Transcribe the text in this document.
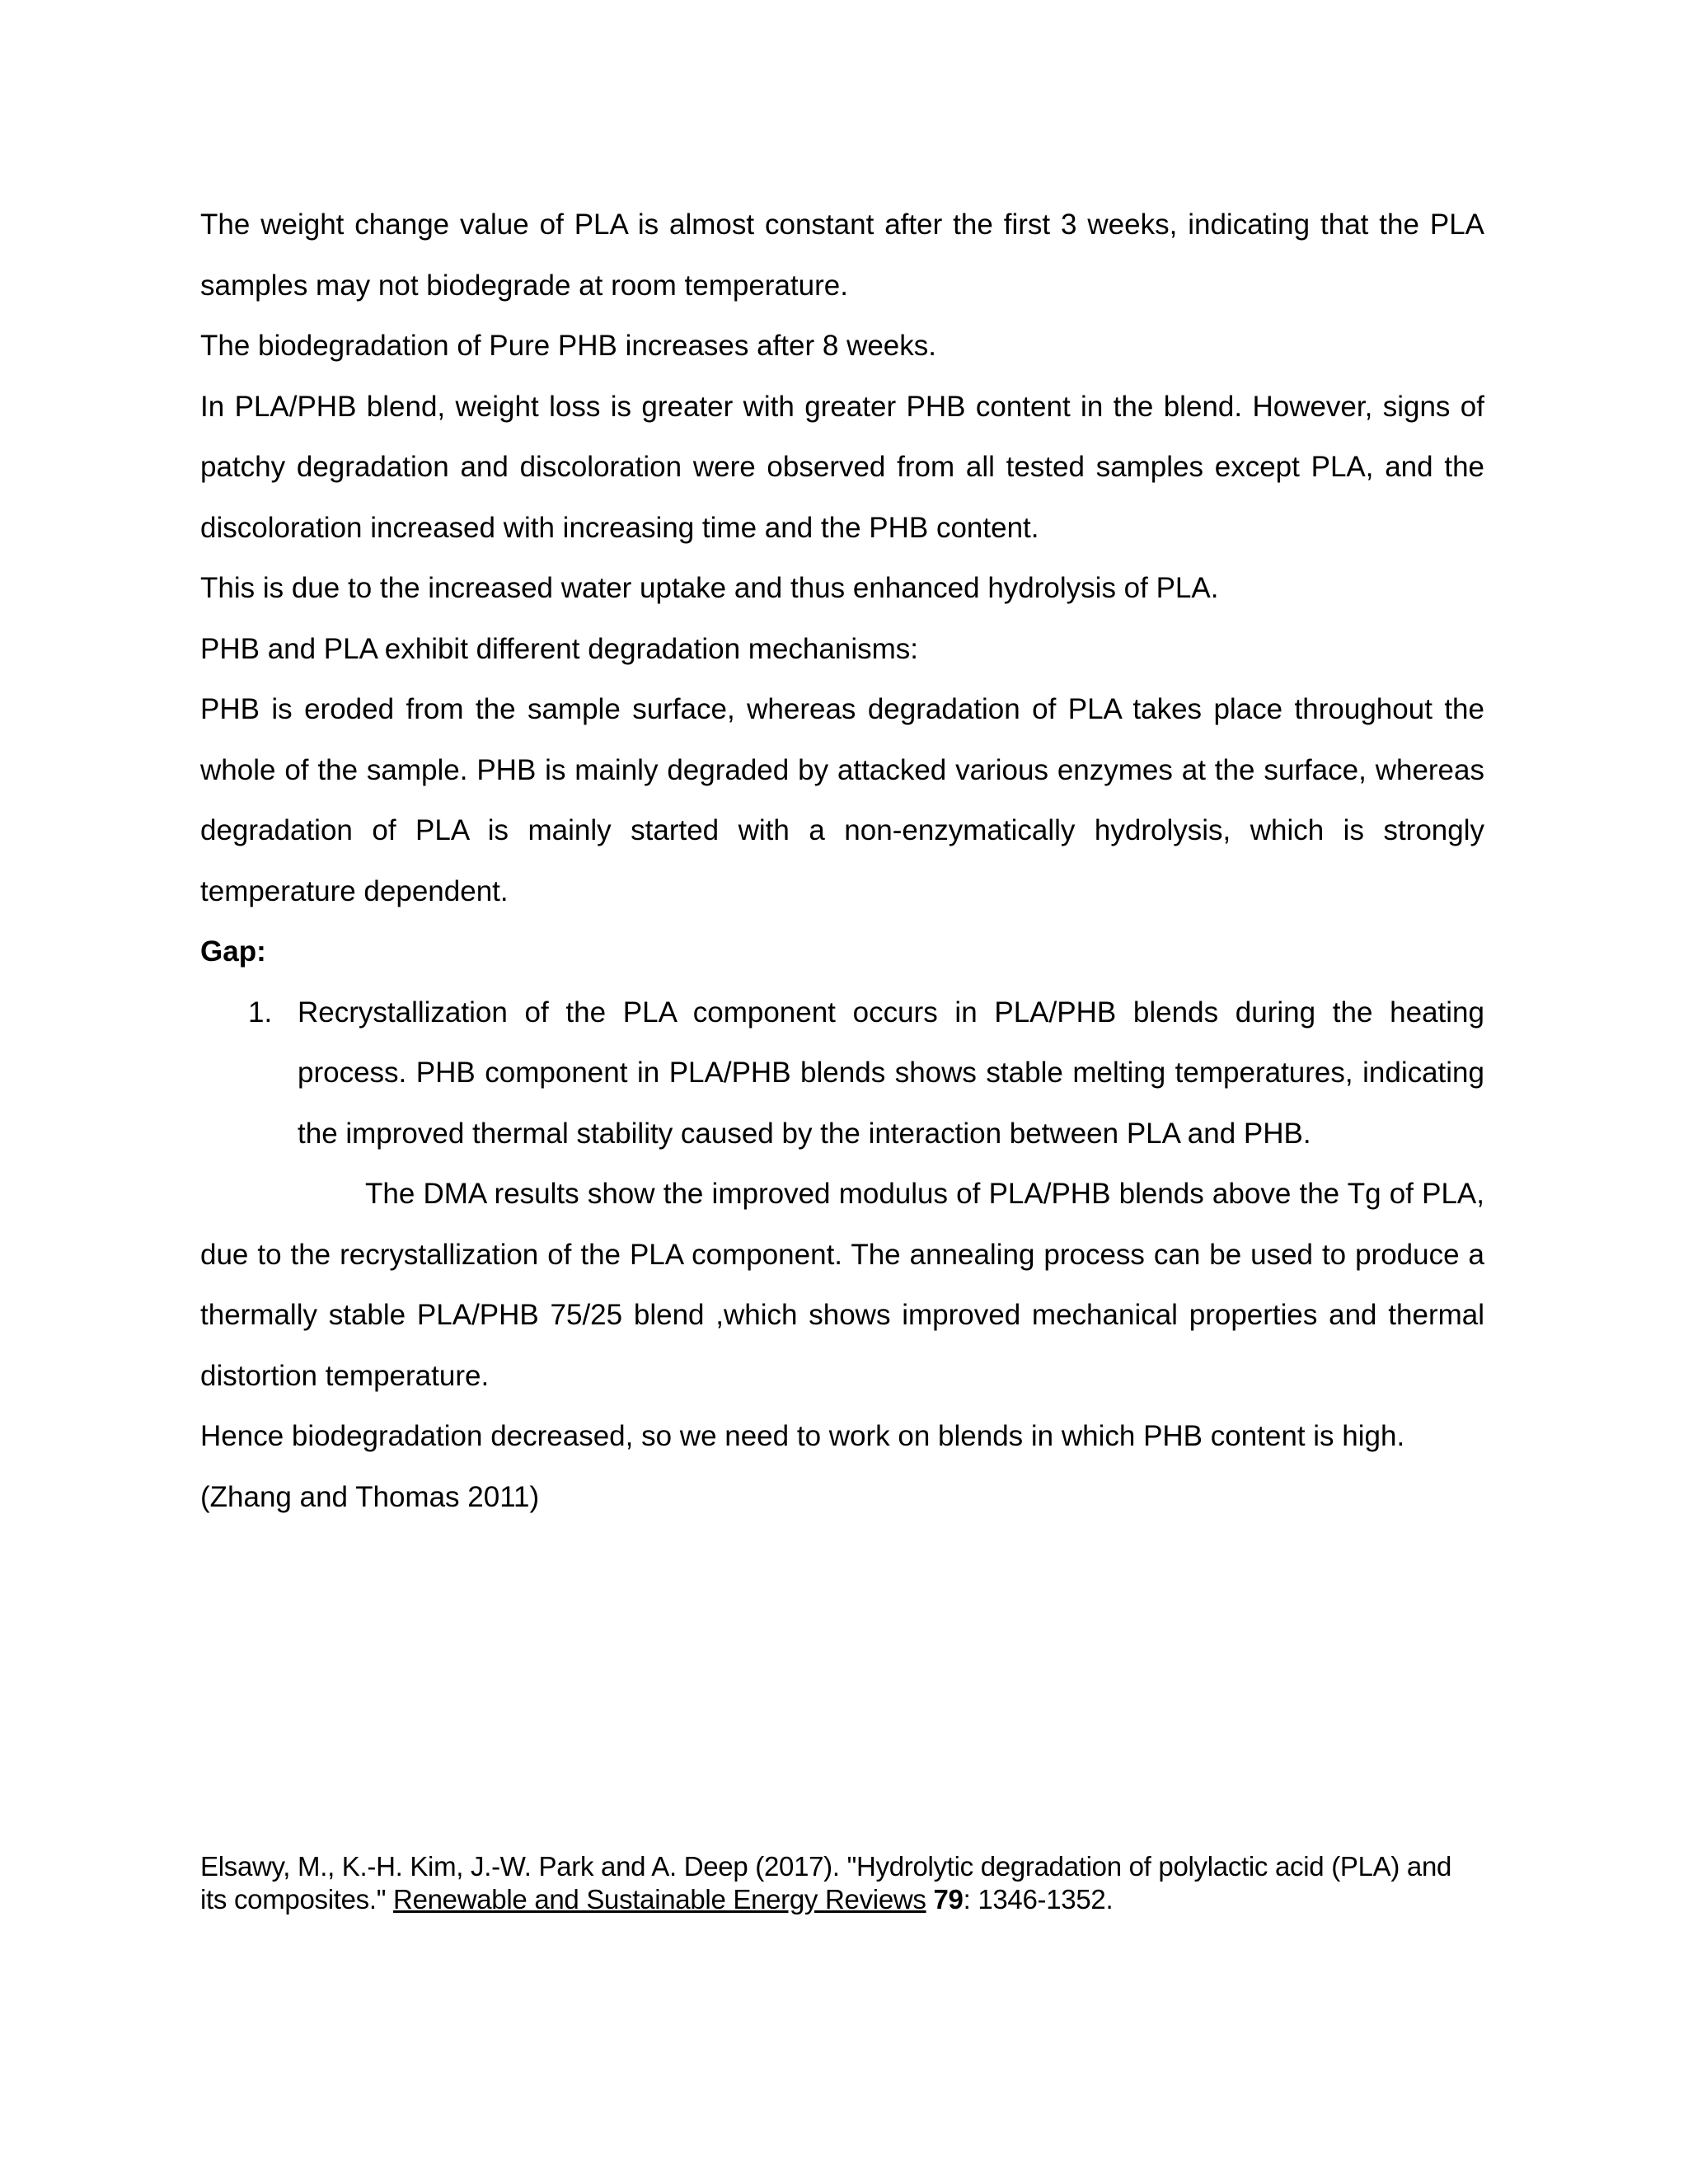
The weight change value of PLA is almost constant after the first 3 weeks, indicating that the PLA samples may not biodegrade at room temperature.

The biodegradation of Pure PHB increases after 8 weeks.

In PLA/PHB blend, weight loss is greater with greater PHB content in the blend. However, signs of patchy degradation and discoloration were observed from all tested samples except PLA, and the discoloration increased with increasing time and the PHB content.

This is due to the increased water uptake and thus enhanced hydrolysis of PLA.

PHB and PLA exhibit different degradation mechanisms:

PHB is eroded from the sample surface, whereas degradation of PLA takes place throughout the whole of the sample. PHB is mainly degraded by attacked various enzymes at the surface, whereas degradation of PLA is mainly started with a non-enzymatically hydrolysis, which is strongly temperature dependent.

Gap:

1. Recrystallization of the PLA component occurs in PLA/PHB blends during the heating process. PHB component in PLA/PHB blends shows stable melting temperatures, indicating the improved thermal stability caused by the interaction between PLA and PHB.

The DMA results show the improved modulus of PLA/PHB blends above the Tg of PLA, due to the recrystallization of the PLA component. The annealing process can be used to produce a thermally stable PLA/PHB 75/25 blend ,which shows improved mechanical properties and thermal distortion temperature.

Hence biodegradation decreased, so we need to work on blends in which PHB content is high.

(Zhang and Thomas 2011)

Elsawy, M., K.-H. Kim, J.-W. Park and A. Deep (2017). "Hydrolytic degradation of polylactic acid (PLA) and its composites." Renewable and Sustainable Energy Reviews 79: 1346-1352.
